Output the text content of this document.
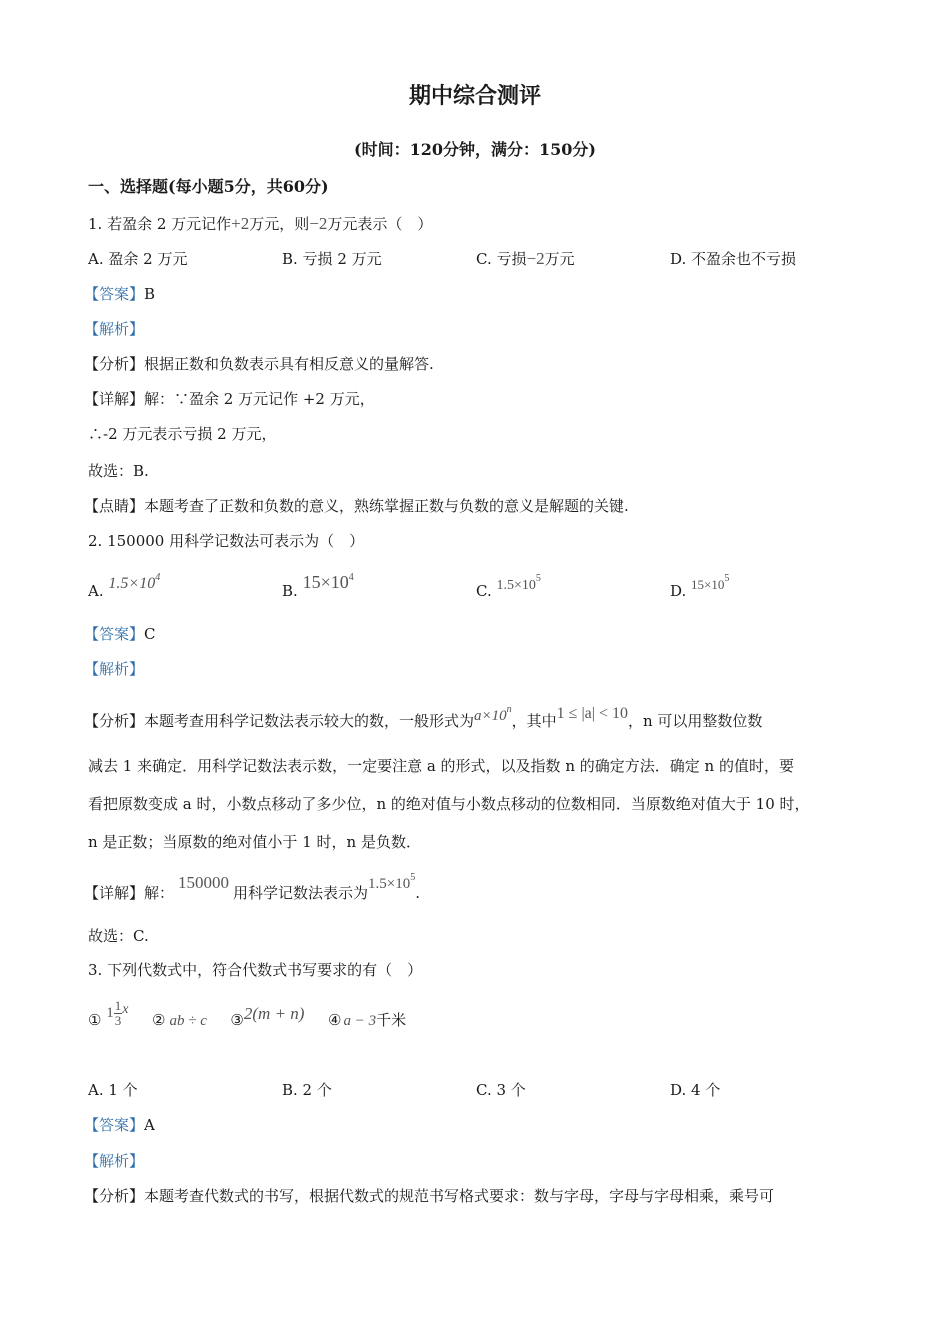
期中综合测评
(时间：120分钟，满分：150分)
一、选择题(每小题5分，共60分)
1. 若盈余 2 万元记作+2万元，则−2万元表示（　）
A. 盈余 2 万元	B. 亏损 2 万元	C. 亏损−2万元	D. 不盈余也不亏损
【答案】B
【解析】
【分析】根据正数和负数表示具有相反意义的量解答.
【详解】解：∵盈余 2 万元记作 +2 万元，
∴-2 万元表示亏损 2 万元，
故选：B.
【点睛】本题考查了正数和负数的意义，熟练掌握正数与负数的意义是解题的关键.
2. 150000 用科学记数法可表示为（　）
A. $1.5\times 10^4$
B. $15\times 10^4$
C. $1.5\times 10^5$
D. $15\times 10^5$
【答案】C
【解析】
【分析】本题考查用科学记数法表示较大的数，一般形式为$a\times 10^n$，其中1 ≤ |a| < 10，n 可以用整数位数
减去 1 来确定．用科学记数法表示数，一定要注意 a 的形式，以及指数 n 的确定方法．确定 n 的值时，要
看把原数变成 a 时，小数点移动了多少位，n 的绝对值与小数点移动的位数相同．当原数绝对值大于 10 时，
n 是正数；当原数的绝对值小于 1 时，n 是负数．
【详解】解：150000用科学记数法表示为$1.5\times 10^5$.
故选：C.
3. 下列代数式中，符合代数式书写要求的有（　）
① $1 \frac{1}{3}$ x  ② ab ÷ c ③2(m + n) ④ a − 3千米
A. 1 个	B. 2 个	C. 3 个	D. 4 个
【答案】A
【解析】
【分析】本题考查代数式的书写，根据代数式的规范书写格式要求：数与字母，字母与字母相乘，乘号可
